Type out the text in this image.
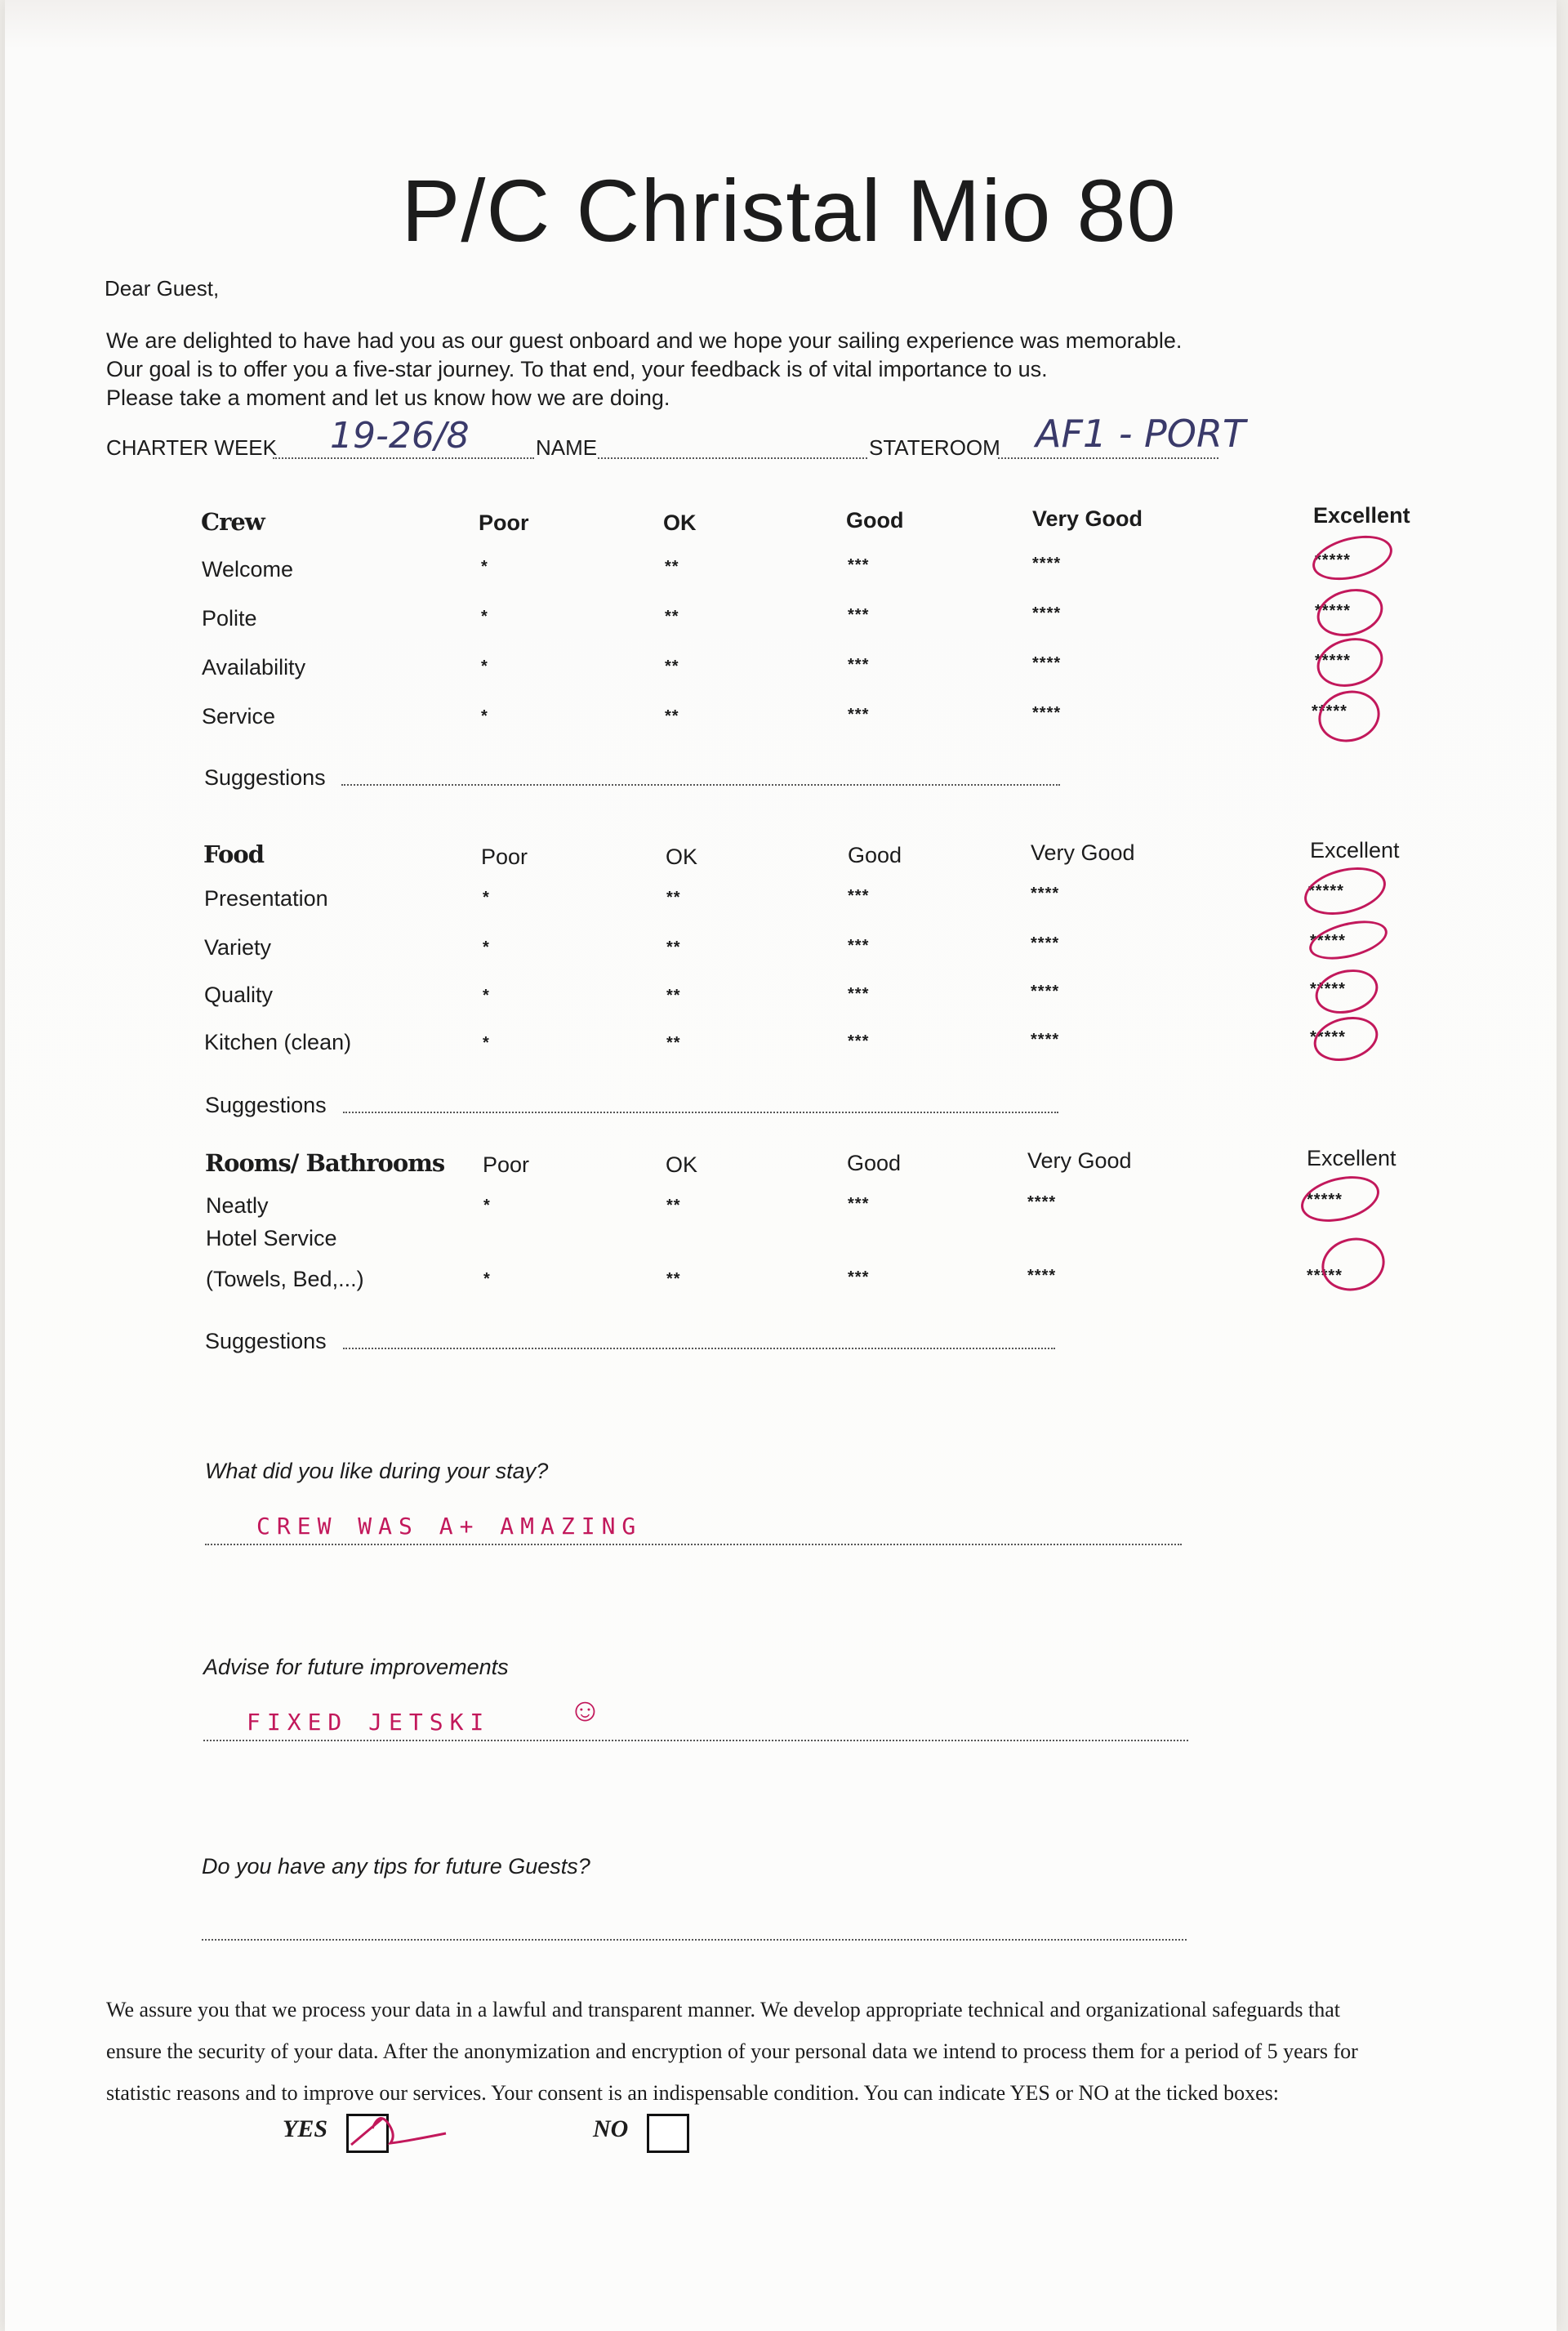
P/C Christal Mio 80
Dear Guest,
We are delighted to have had you as our guest onboard and we hope your sailing experience was memorable.
Our goal is to offer you a five-star journey. To that end, your feedback is of vital importance to us.
Please take a moment and let us know how we are doing.
CHARTER WEEK 19-26/8	NAME	STATEROOM AF1 - PORT
Crew	Poor	OK	Good	Very Good	Excellent
Welcome	*	**	***	****	*****
Polite	*	**	***	****	*****
Availability	*	**	***	****	*****
Service	*	**	***	****	*****
Suggestions
Food	Poor	OK	Good	Very Good	Excellent
Presentation	*	**	***	****	*****
Variety	*	**	***	****	*****
Quality	*	**	***	****	*****
Kitchen (clean)	*	**	***	****	*****
Suggestions
Rooms/ Bathrooms Poor	OK	Good	Very Good	Excellent
Neatly	*	**	***	****	*****
Hotel Service
(Towels, Bed,...)	*	**	***	****	*****
Suggestions
What did you like during your stay?
CREW WAS A+ AMAZING
Advise for future improvements
FIXED JETSKI ☺
Do you have any tips for future Guests?
We assure you that we process your data in a lawful and transparent manner. We develop appropriate technical and organizational safeguards that
ensure the security of your data. After the anonymization and encryption of your personal data we intend to process them for a period of 5 years for
statistic reasons and to improve our services. Your consent is an indispensable condition. You can indicate YES or NO at the ticked boxes:
YES	NO
